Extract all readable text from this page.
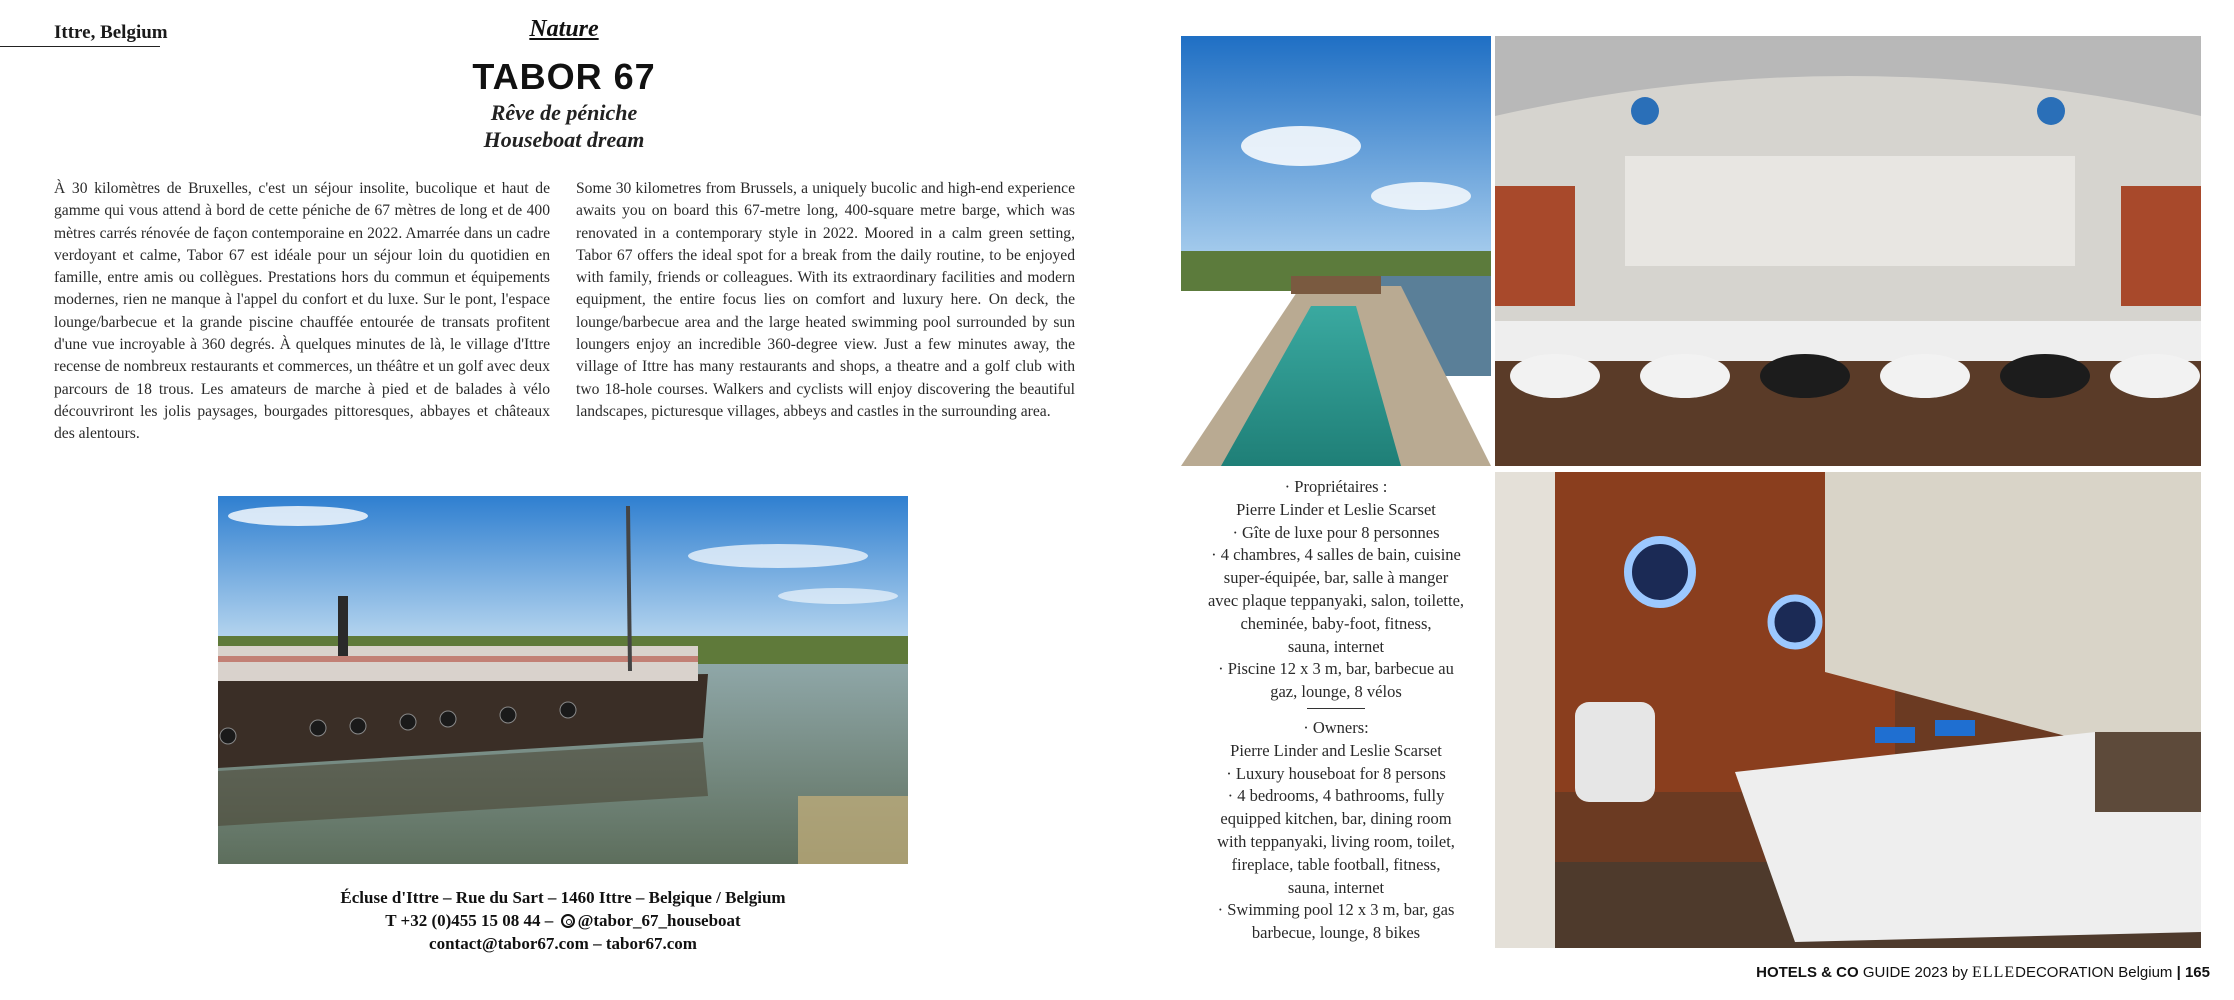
Ittre, Belgium	Nature
TABOR 67
Rêve de péniche
Houseboat dream
À 30 kilomètres de Bruxelles, c'est un séjour insolite, bucolique et haut de gamme qui vous attend à bord de cette péniche de 67 mètres de long et de 400 mètres carrés rénovée de façon contemporaine en 2022. Amarrée dans un cadre verdoyant et calme, Tabor 67 est idéale pour un séjour loin du quotidien en famille, entre amis ou collègues. Prestations hors du commun et équipements modernes, rien ne manque à l'appel du confort et du luxe. Sur le pont, l'espace lounge/barbecue et la grande piscine chauffée entourée de transats profitent d'une vue incroyable à 360 degrés. À quelques minutes de là, le village d'Ittre recense de nombreux restaurants et commerces, un théâtre et un golf avec deux parcours de 18 trous. Les amateurs de marche à pied et de balades à vélo découvriront les jolis paysages, bourgades pittoresques, abbayes et châteaux des alentours.
Some 30 kilometres from Brussels, a uniquely bucolic and high-end experience awaits you on board this 67-metre long, 400-square metre barge, which was renovated in a contemporary style in 2022. Moored in a calm green setting, Tabor 67 offers the ideal spot for a break from the daily routine, to be enjoyed with family, friends or colleagues. With its extraordinary facilities and modern equipment, the entire focus lies on comfort and luxury here. On deck, the lounge/barbecue area and the large heated swimming pool surrounded by sun loungers enjoy an incredible 360-degree view. Just a few minutes away, the village of Ittre has many restaurants and shops, a theatre and a golf club with two 18-hole courses. Walkers and cyclists will enjoy discovering the beautiful landscapes, picturesque villages, abbeys and castles in the surrounding area.
· Propriétaires :
Pierre Linder et Leslie Scarset
· Gîte de luxe pour 8 personnes
· 4 chambres, 4 salles de bain, cuisine
super-équipée, bar, salle à manger
avec plaque teppanyaki, salon, toilette,
cheminée, baby-foot, fitness,
sauna, internet
· Piscine 12 x 3 m, bar, barbecue au
gaz, lounge, 8 vélos
· Owners:
Pierre Linder and Leslie Scarset
· Luxury houseboat for 8 persons
· 4 bedrooms, 4 bathrooms, fully
equipped kitchen, bar, dining room
with teppanyaki, living room, toilet,
fireplace, table football, fitness,
sauna, internet
· Swimming pool 12 x 3 m, bar, gas
barbecue, lounge, 8 bikes
Écluse d'Ittre – Rue du Sart – 1460 Ittre – Belgique / Belgium
T +32 (0)455 15 08 44 – @tabor_67_houseboat
contact@tabor67.com – tabor67.com
HOTELS & CO GUIDE 2023 by ELLEDECORATION Belgium | 165
